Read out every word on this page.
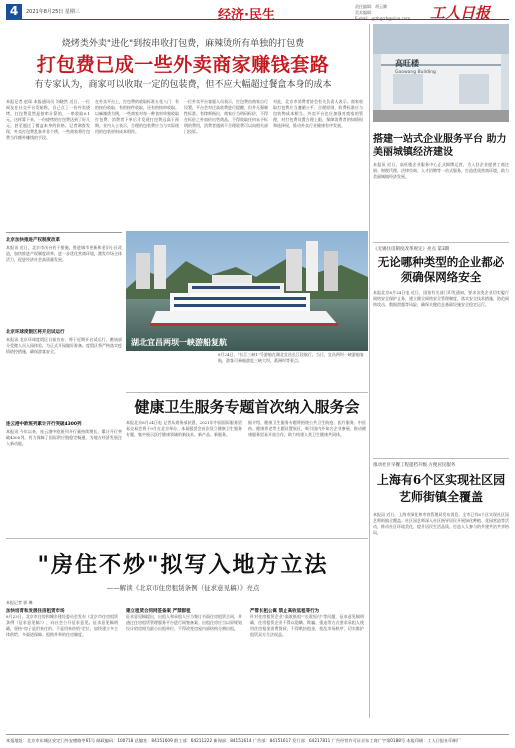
4	2021年8月25日 星期三	经济·民生
责任编辑：胡云腾
美术编辑：
E-mail：grrbgrrb@sina.com 工人日报
烧烤类外卖"进化"到按串收打包费，麻辣烫所有单独的打包费
打包费已成一些外卖商家赚钱套路
有专家认为，商家可以收取一定的包装费，但不应大幅超过餐盒本身的成本
本报记者 赵琛 本报通讯员 刘晓然 近日，一位网友在社交平台发帖称，自己点了一份外卖烧烤，打包费竟然是按串计算的，一串收取0.1元。这样算下来，一份烧烤的打包费达到了好几元，甚至超过了餐盒本身的价格。记者调查发现，外卖打包费乱象并非个例，一些商家将打包费当作额外赚钱的手段。
在外卖平台上，打包费的收取标准五花八门：有的按份收取，有的按件收取，还有的按串收取。以麻辣烫为例，一些商家对每一种食材单独收取打包费，消费者下单后才发现打包费远高于预期。业内人士表示，合理的包装费应当与实际使用的包装材料成本相符。
一位外卖平台客服人员表示，打包费由商家自行设置，平台会对过高收费进行提醒，但并无强制性标准。有律师指出，商家应当明码标价，不得在标价之外加价出售商品，不得收取任何未予标明的费用，消费者遇到不合理收费可以向相关部门投诉。
对此，北京市消费者协会有关负责人表示，商家收取打包费应当遵循公平、合理原则，收费标准应与包装物成本相当。外卖平台也应加强对商家的管理，对打包费设置合理上限，保障消费者的知情权和选择权，推动外卖行业健康有序发展。
北京加快推进产权制度改革
本报讯 近日，北京市出台若干措施，推进城市更新和老旧小区改造，加快推进产权制度改革，进一步优化营商环境，激发市场主体活力，促进经济社会高质量发展。
北京环球度假区将开启试运行
本报讯 北京环球度假区日前宣布，将于近期开启试运行，邀请部分受邀人员入园体验，为正式开园做好准备。度假区将严格落实疫情防控措施，确保游客安全。
连云港中欧班列累计开行突破4300列
本报讯 今年以来，连云港中欧班列开行量持续增长，累计开行突破4300列，有力保障了国际供应链稳定畅通，为地方经济发展注入新动能。
湖北宜昌两坝一峡游船复航
8月24日，"长江三峡1"号游船在湖北宜昌长江段航行。当日，宜昌两坝一峡游船复航，游客可乘船游览三峡大坝、葛洲坝等景点。
健康卫生服务专题首次纳入服务会
本报北京8月24日电 记者从商务部获悉，2021年中国国际服务贸易交易会将于9月在北京举办，本届服贸会首次设立健康卫生服务专题，集中展示医疗健康领域的新技术、新产品、新服务。
据介绍，健康卫生服务专题将围绕公共卫生防疫、医疗服务、中医药、健康养老等主题设置展区，吸引国内外知名企业参展，推动健康服务贸易开放合作，助力构建人类卫生健康共同体。
"房住不炒"拟写入地方立法
——解读《北京市住房租赁条例（征求意见稿）》亮点
本报记者 郭 琳
加快培育和发展住房租赁市场
8月23日，北京市住房和城乡建设委员会发布《北京市住房租赁条例（征求意见稿）》，向社会公开征求意见。征求意见稿明确，坚持"房子是用来住的、不是用来炒的"定位，加快建立多主体供给、多渠道保障、租购并举的住房制度。
建立租赁合同网签备案 严禁群租
征求意见稿提出，出租人和承租人应当签订书面住房租赁合同，并通过住房租赁管理服务平台进行网签备案。出租住房应当以原规划设计的房间为最小出租单位，不得改变房屋内部结构分割出租。
严管长租公寓 禁止高收低租等行为
针对住房租赁企业"高收低租""长收短付"等问题，征求意见稿明确，住房租赁企业不得以隐瞒、欺骗、强迫等方式要求承租人使用住房租金消费贷款，不得哄抬租金，扰乱市场秩序，切实维护租赁双方合法权益。
高旺楼
Gaowang Building
搭建一站式企业服务平台 助力美丽城镇经济建设
本报讯 近日，高旺楼企业服务中心正式揭牌运营，为入驻企业提供工商注册、财税代理、法律咨询、人才招聘等一站式服务，打造优质营商环境，助力美丽城镇经济发展。
《无锡住房制度改革规定》亮点 第3期
无论哪种类型的企业都必须确保网络安全
本报北京8月24日电 近日，国家有关部门印发通知，要求各类企业切实履行网络安全保护义务，建立健全网络安全管理制度，落实安全技术措施，防范网络攻击、数据泄露等风险，确保关键信息基础设施安全稳定运行。
推动社区早餐工程提档升级 方便居民服务
上海有6个区实现社区园艺师街镇全覆盖
本报讯 近日，上海市绿化和市容管理局发布消息，全市已有6个区实现社区园艺师街镇全覆盖。社区园艺师深入社区指导居民开展绿化种植、花园营造等活动，推动社区环境美化，提升居民生活品质，打造人人参与的共建共治共享格局。
本报地址：北京市东城区安定门外安德路甲61号 邮政编码：100718 总编室：84151609 群工部：64211222 新闻部：84151614 广告部：84151617 发行部：64217811 广告经营许可证京东工商广字第0188号 本报印刷：工人日报社印刷厂
